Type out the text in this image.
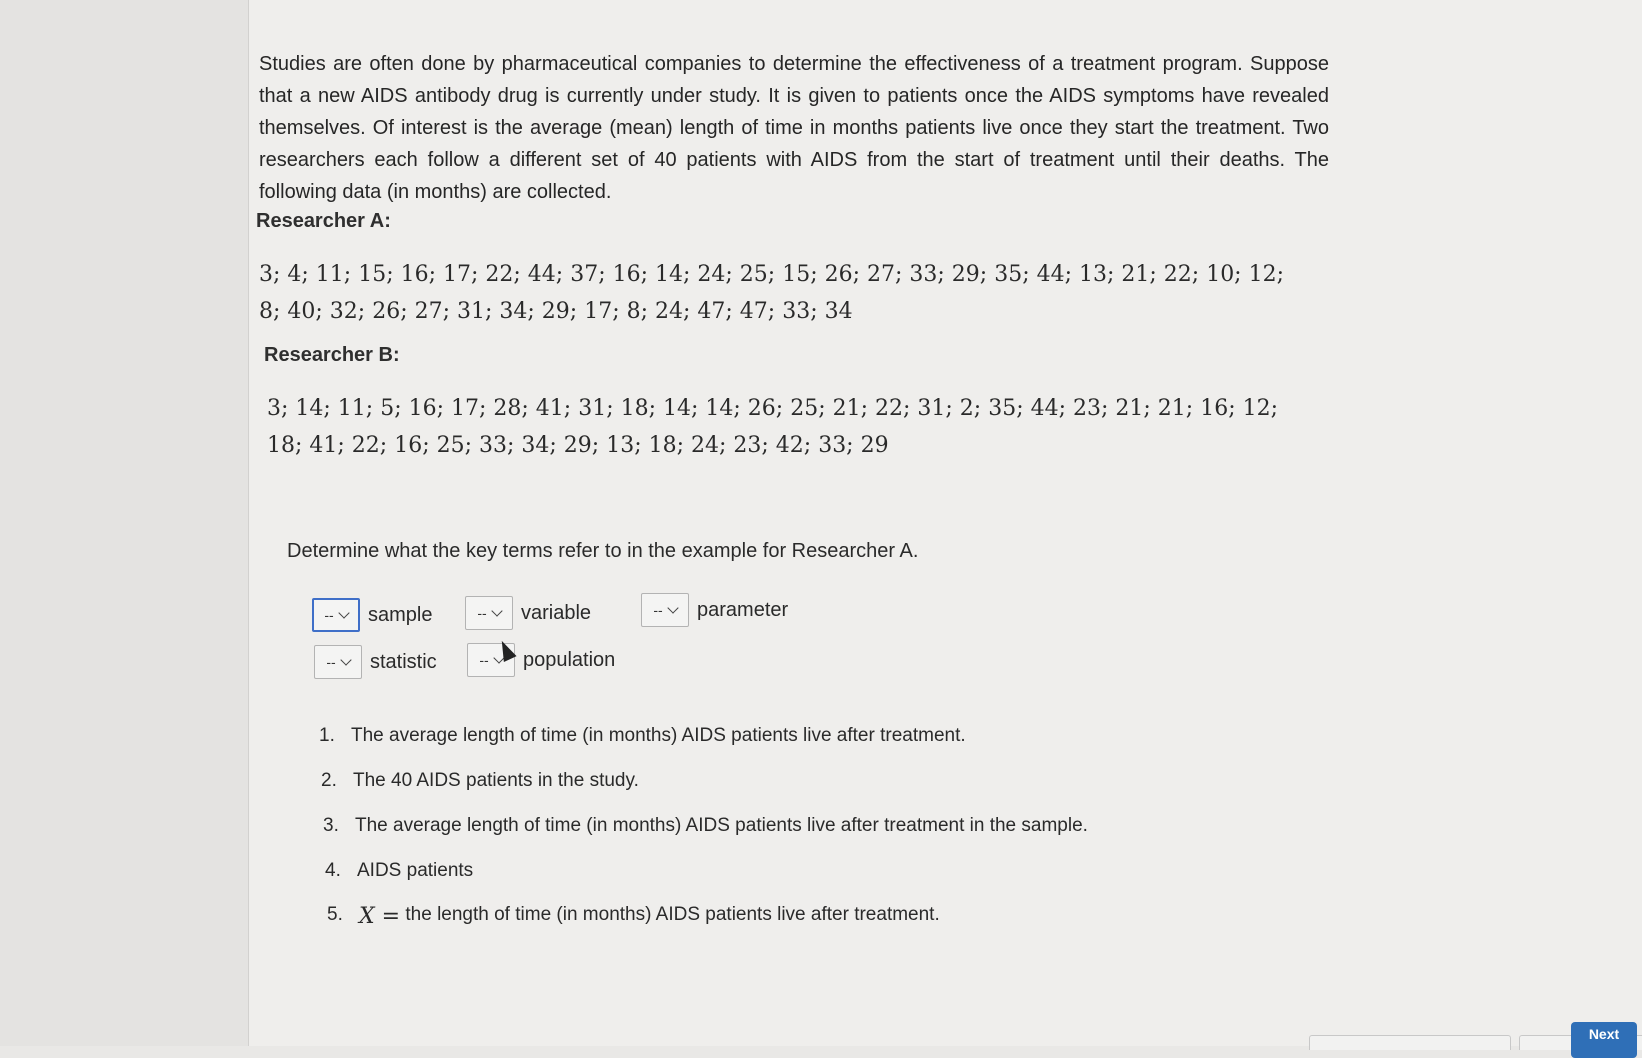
Studies are often done by pharmaceutical companies to determine the effectiveness of a treatment program. Suppose that a new AIDS antibody drug is currently under study. It is given to patients once the AIDS symptoms have revealed themselves. Of interest is the average (mean) length of time in months patients live once they start the treatment. Two researchers each follow a different set of 40 patients with AIDS from the start of treatment until their deaths. The following data (in months) are collected.

Researcher A:
3; 4; 11; 15; 16; 17; 22; 44; 37; 16; 14; 24; 25; 15; 26; 27; 33; 29; 35; 44; 13; 21; 22; 10; 12; 8; 40; 32; 26; 27; 31; 34; 29; 17; 8; 24; 47; 47; 33; 34
Researcher B:
3; 14; 11; 5; 16; 17; 28; 41; 31; 18; 14; 14; 26; 25; 21; 22; 31; 2; 35; 44; 23; 21; 21; 16; 12; 18; 41; 22; 16; 25; 33; 34; 29; 13; 18; 24; 23; 42; 33; 29
Determine what the key terms refer to in the example for Researcher A.
-- sample	-- variable	-- parameter
-- statistic	-- population
1. The average length of time (in months) AIDS patients live after treatment.
2. The 40 AIDS patients in the study.
3. The average length of time (in months) AIDS patients live after treatment in the sample.
4. AIDS patients
5. X =
the length of time (in months) AIDS patients live after treatment.
Next
